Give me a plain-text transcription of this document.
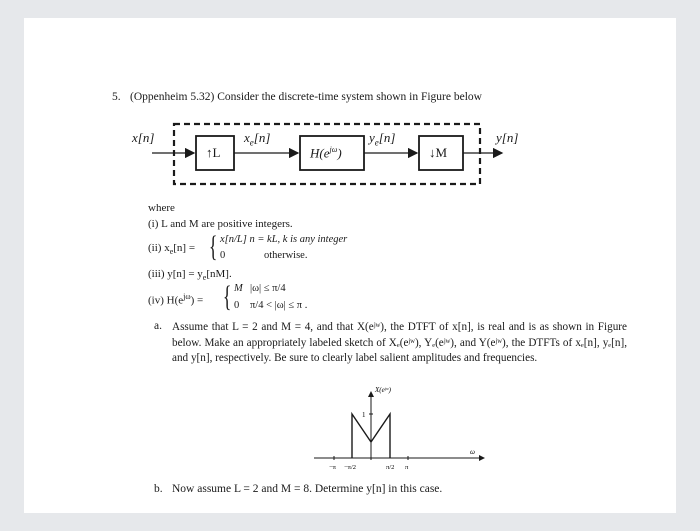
5. (Oppenheim 5.32) Consider the discrete-time system shown in Figure below
x[n]
↑L
$x_e[n]$
$H(e^{j\omega})$
$y_e[n]$
↓M
y[n]
where
(i) L and M are positive integers.
(ii) $x_e[n]$ = { x[n/L] n = kL, k is any integer
0	otherwise.
(iii) $y[n] = y_e[nM]$.
(iv) $H(e^{j\omega})$ = { M |ω| ≤ π/4
0 π/4 < |ω| ≤ π .
a. Assume that L = 2 and M = 4, and that X(eʲʷ), the DTFT of x[n], is real and is as shown in Figure below. Make an appropriately labeled sketch of Xₑ(eʲʷ), Yₑ(eʲʷ), and Y(eʲʷ), the DTFTs of xₑ[n], yₑ[n], and y[n], respectively. Be sure to clearly label salient amplitudes and frequencies.
X(eʲʷ)
1
ω
−π −π/2	π/2 π
b. Now assume L = 2 and M = 8. Determine y[n] in this case.
